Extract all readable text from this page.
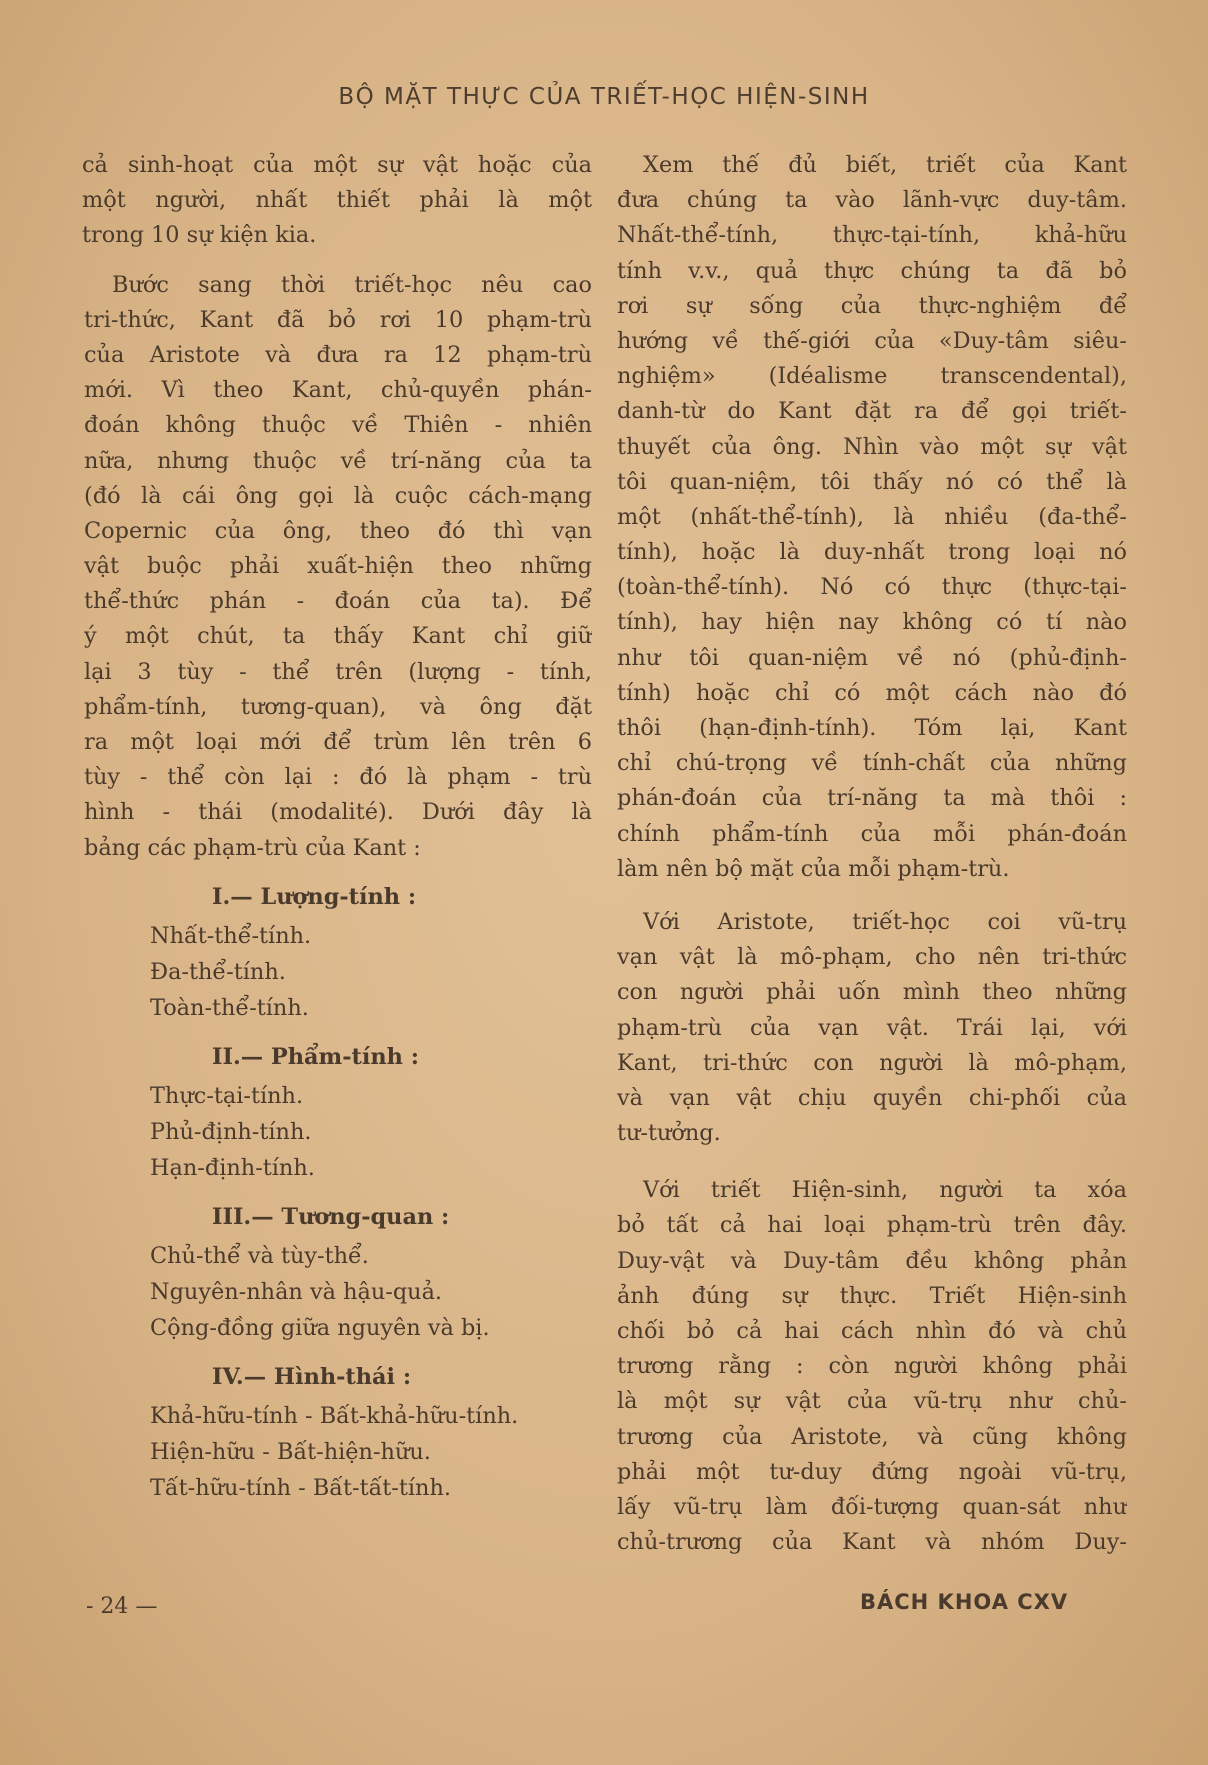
BỘ MẶT THỰC CỦA TRIẾT-HỌC HIỆN-SINH
cả sinh-hoạt của một sự vật hoặc của
một người, nhất thiết phải là một
trong 10 sự kiện kia.
Bước sang thời triết-học nêu cao
tri-thức, Kant đã bỏ rơi 10 phạm-trù
của Aristote và đưa ra 12 phạm-trù
mới. Vì theo Kant, chủ-quyền phán-
đoán không thuộc về Thiên - nhiên
nữa, nhưng thuộc về trí-năng của ta
(đó là cái ông gọi là cuộc cách-mạng
Copernic của ông, theo đó thì vạn
vật buộc phải xuất-hiện theo những
thể-thức phán - đoán của ta). Để
ý một chút, ta thấy Kant chỉ giữ
lại 3 tùy - thể trên (lượng - tính,
phẩm-tính, tương-quan), và ông đặt
ra một loại mới để trùm lên trên 6
tùy - thể còn lại : đó là phạm - trù
hình - thái (modalité). Dưới đây là
bảng các phạm-trù của Kant :
I.— Lượng-tính :
Nhất-thể-tính.
Đa-thể-tính.
Toàn-thể-tính.
II.— Phẩm-tính :
Thực-tại-tính.
Phủ-định-tính.
Hạn-định-tính.
III.— Tương-quan :
Chủ-thể và tùy-thể.
Nguyên-nhân và hậu-quả.
Cộng-đồng giữa nguyên và bị.
IV.— Hình-thái :
Khả-hữu-tính - Bất-khả-hữu-tính.
Hiện-hữu - Bất-hiện-hữu.
Tất-hữu-tính - Bất-tất-tính.
Xem thế đủ biết, triết của Kant
đưa chúng ta vào lãnh-vực duy-tâm.
Nhất-thể-tính, thực-tại-tính, khả-hữu
tính v.v., quả thực chúng ta đã bỏ
rơi sự sống của thực-nghiệm để
hướng về thế-giới của «Duy-tâm siêu-
nghiệm» (Idéalisme transcendental),
danh-từ do Kant đặt ra để gọi triết-
thuyết của ông. Nhìn vào một sự vật
tôi quan-niệm, tôi thấy nó có thể là
một (nhất-thể-tính), là nhiều (đa-thể-
tính), hoặc là duy-nhất trong loại nó
(toàn-thể-tính). Nó có thực (thực-tại-
tính), hay hiện nay không có tí nào
như tôi quan-niệm về nó (phủ-định-
tính) hoặc chỉ có một cách nào đó
thôi (hạn-định-tính). Tóm lại, Kant
chỉ chú-trọng về tính-chất của những
phán-đoán của trí-năng ta mà thôi :
chính phẩm-tính của mỗi phán-đoán
làm nên bộ mặt của mỗi phạm-trù.
Với Aristote, triết-học coi vũ-trụ
vạn vật là mô-phạm, cho nên tri-thức
con người phải uốn mình theo những
phạm-trù của vạn vật. Trái lại, với
Kant, tri-thức con người là mô-phạm,
và vạn vật chịu quyền chi-phối của
tư-tưởng.
Với triết Hiện-sinh, người ta xóa
bỏ tất cả hai loại phạm-trù trên đây.
Duy-vật và Duy-tâm đều không phản
ảnh đúng sự thực. Triết Hiện-sinh
chối bỏ cả hai cách nhìn đó và chủ
trương rằng : còn người không phải
là một sự vật của vũ-trụ như chủ-
trương của Aristote, và cũng không
phải một tư-duy đứng ngoài vũ-trụ,
lấy vũ-trụ làm đối-tượng quan-sát như
chủ-trương của Kant và nhóm Duy-
- 24 —	BÁCH KHOA CXV
